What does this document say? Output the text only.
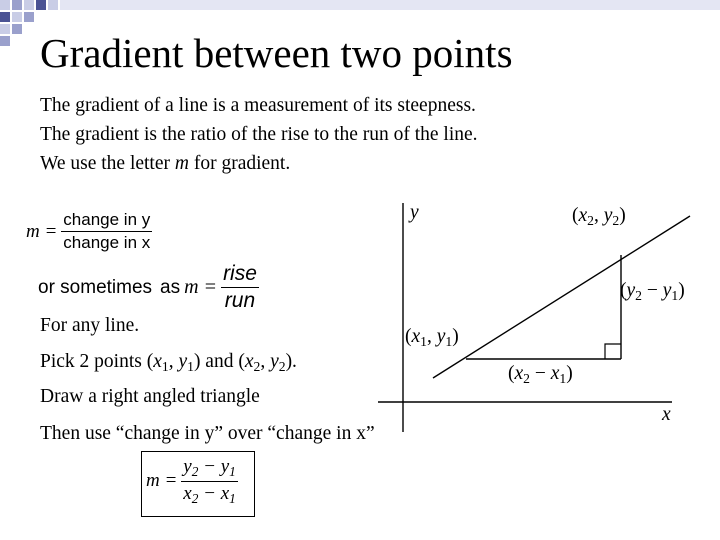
Gradient between two points
The gradient of a line is a measurement of its steepness.
The gradient is the ratio of the rise to the run of the line.
We use the letter m for gradient.
$m = \frac{\text{change in y}}{\text{change in x}}$
or sometimes as $m = \frac{\text{rise}}{\text{run}}$
For any line.
Pick 2 points ($x_1$, $y_1$) and ($x_2$, $y_2$).
Draw a right angled triangle
Then use “change in y” over “change in x”
y
x
($x_2$, $y_2$)
$(y_2 - y_1)$
($x_1$, $y_1$)
$(x_2 - x_1)$
$m = \frac{y_2 - y_1}{x_2 - x_1}$
